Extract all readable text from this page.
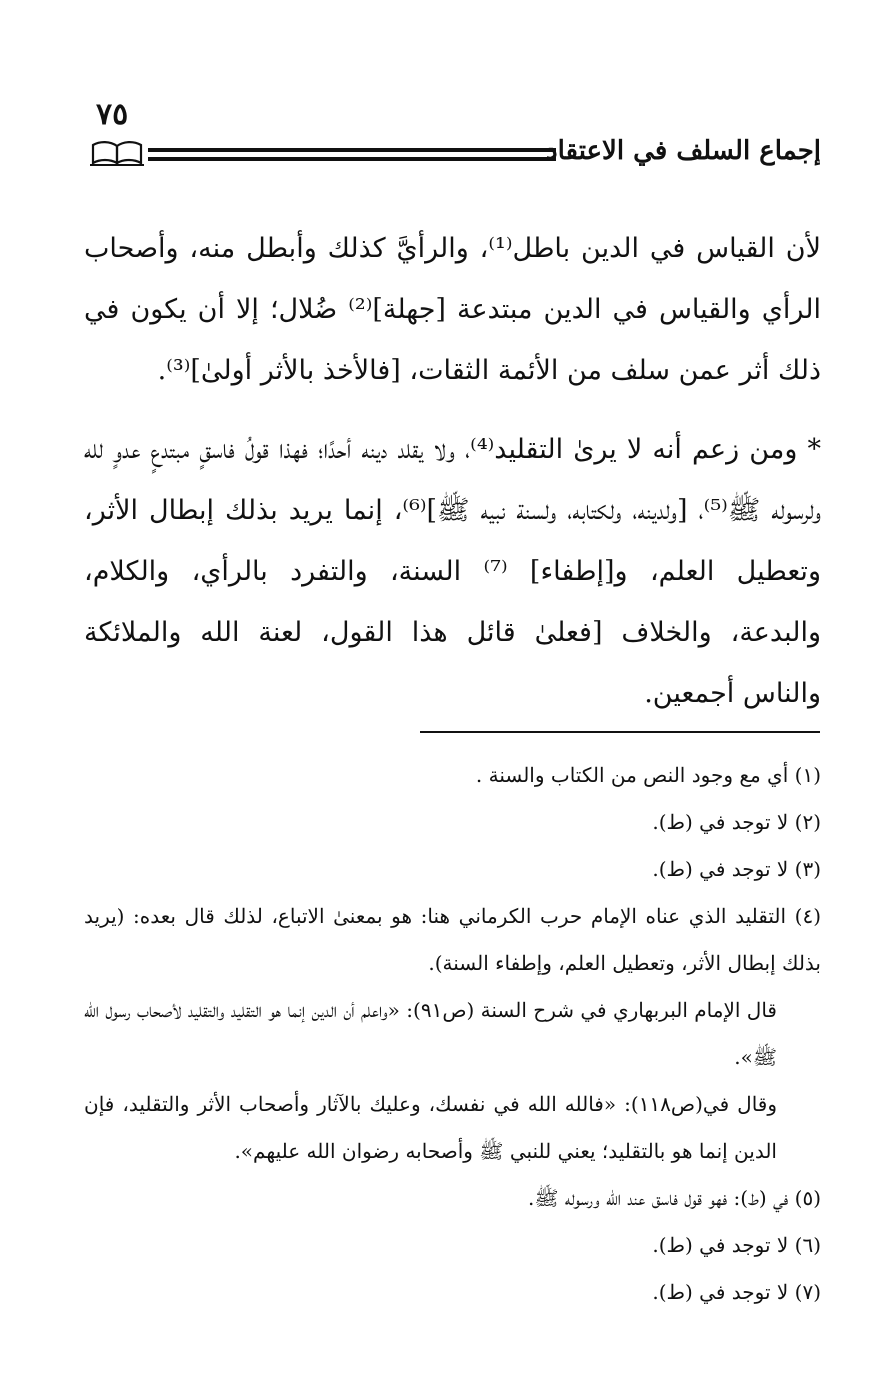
٧٥
إجماع السلف في الاعتقاد

لأن القياس في الدين باطل⁽¹⁾، والرأيَّ كذلك وأبطل منه، وأصحاب الرأي والقياس في الدين مبتدعة [جهلة]⁽²⁾ ضُلال؛ إلا أن يكون في ذلك أثر عمن سلف من الأئمة الثقات، [فالأخذ بالأثر أولىٰ]⁽³⁾.

* ومن زعم أنه لا يرىٰ التقليد⁽⁴⁾، ولا يقلد دينه أحدًا؛ فهذا قولُ فاسقٍ مبتدعٍ عدوٍ لله ولرسوله ﷺ⁽⁵⁾، [ولدينه، ولكتابه، ولسنة نبيه ﷺ]⁽⁶⁾، إنما يريد بذلك إبطال الأثر، وتعطيل العلم، و[إطفاء] ⁽⁷⁾ السنة، والتفرد بالرأي، والكلام، والبدعة، والخلاف [فعلىٰ قائل هذا القول، لعنة الله والملائكة والناس أجمعين.

(١) أي مع وجود النص من الكتاب والسنة .

(٢) لا توجد في (ط).

(٣) لا توجد في (ط).

(٤) التقليد الذي عناه الإمام حرب الكرماني هنا: هو بمعنىٰ الاتباع، لذلك قال بعده: (يريد بذلك إبطال الأثر، وتعطيل العلم، وإطفاء السنة).

قال الإمام البربهاري في شرح السنة (ص٩١): «واعلم أن الدين إنما هو التقليد والتقليد لأصحاب رسول الله ﷺ».

وقال في(ص١١٨): «فالله الله في نفسك، وعليك بالآثار وأصحاب الأثر والتقليد، فإن الدين إنما هو بالتقليد؛ يعني للنبي ﷺ وأصحابه رضوان الله عليهم».

(٥) في (ط): فهو قول فاسق عند الله ورسوله ﷺ.

(٦) لا توجد في (ط).

(٧) لا توجد في (ط).
